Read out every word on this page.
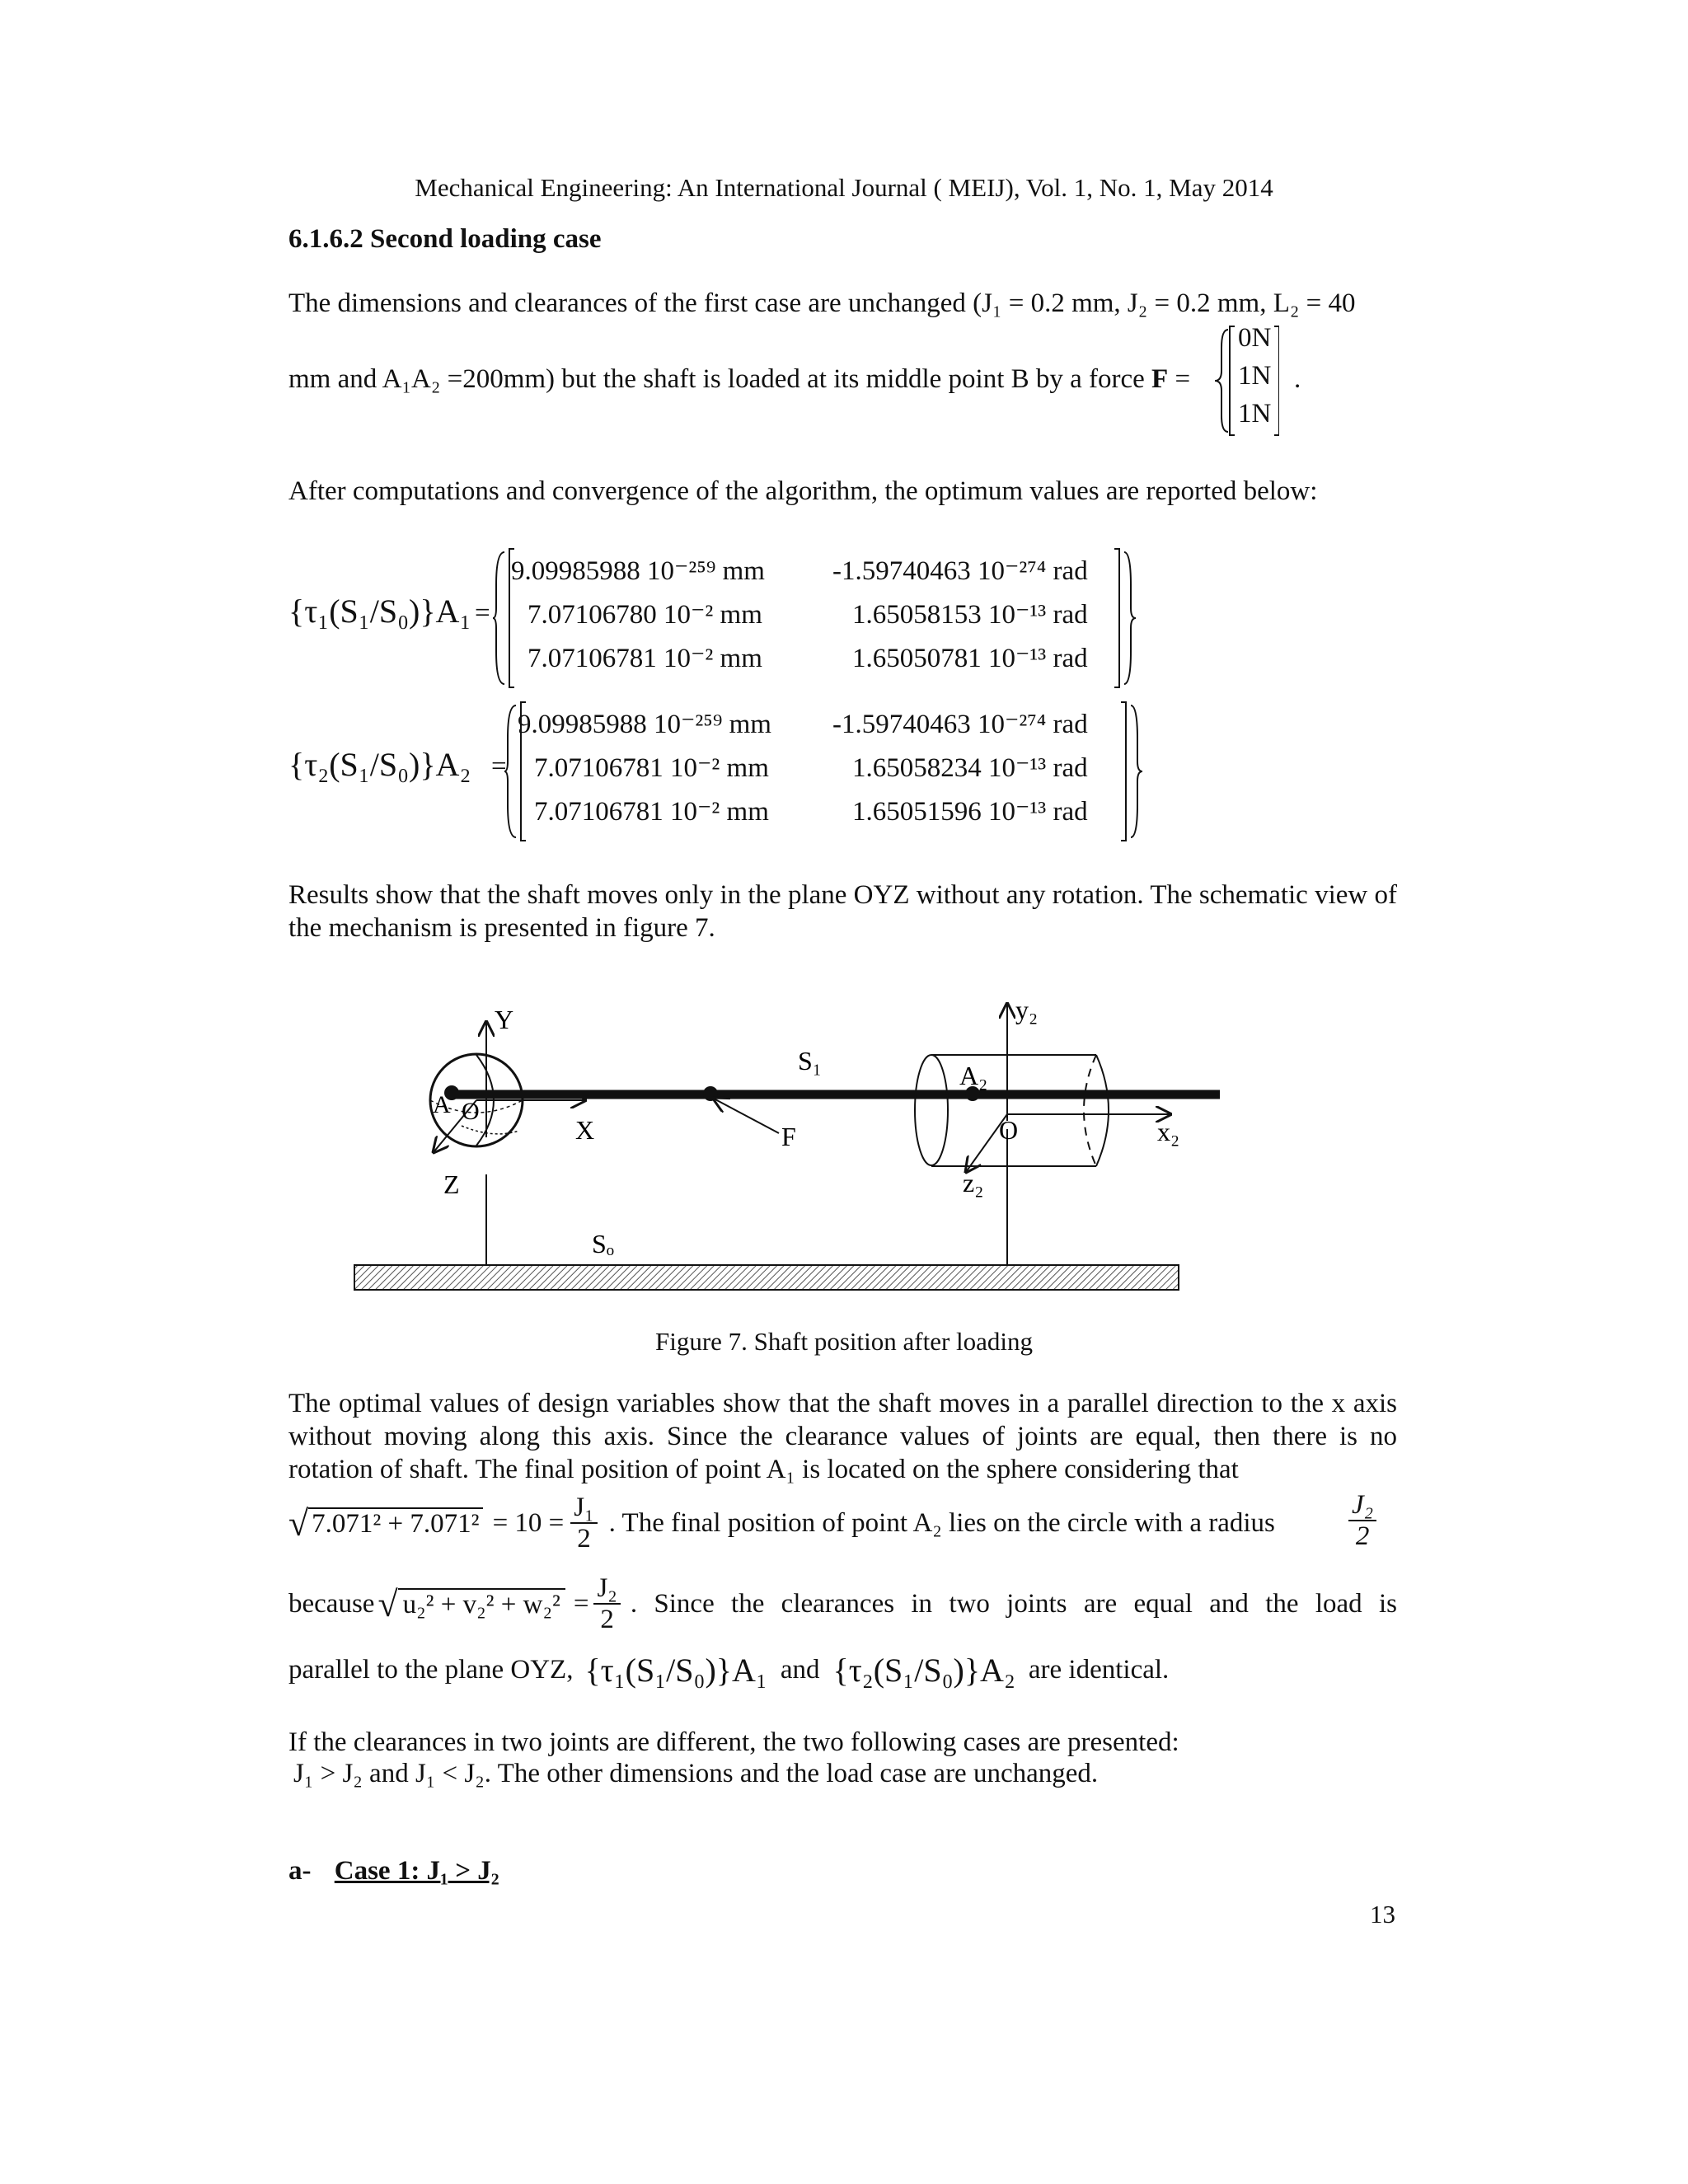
Mechanical Engineering: An International Journal ( MEIJ), Vol. 1, No. 1, May 2014
6.1.6.2 Second loading case
The dimensions and clearances of the first case are unchanged (J₁ = 0.2 mm, J₂ = 0.2 mm, L₂ = 40
mm and A₁A₂ =200mm) but the shaft is loaded at its middle point B by a force F =
0N
1N
1N
.
After computations and convergence of the algorithm, the optimum values are reported below:
{τ₁(S₁/S₀)}A₁ =
9.09985988 10⁻²⁵⁹ mm -1.59740463 10⁻²⁷⁴ rad
7.07106780 10⁻² mm	1.65058153 10⁻¹³ rad
7.07106781 10⁻² mm	1.65050781 10⁻¹³ rad
{τ₂(S₁/S₀)}A₂ =
9.09985988 10⁻²⁵⁹ mm -1.59740463 10⁻²⁷⁴ rad
7.07106781 10⁻² mm	1.65058234 10⁻¹³ rad
7.07106781 10⁻² mm	1.65051596 10⁻¹³ rad
Results show that the shaft moves only in the plane OYZ without any rotation. The schematic view of the mechanism is presented in figure 7.
Y
X
Z
A O
S₁
F
A₂
O	x₂
y₂
z₂
Sₒ
Figure 7. Shaft position after loading
The optimal values of design variables show that the shaft moves in a parallel direction to the x axis without moving along this axis. Since the clearance values of joints are equal, then there is no rotation of shaft. The final position of point A₁ is located on the sphere considering that
√ $7.071^2 + 7.071^2 = 10 = \frac{\text{J₁}}{2}$ . The final position of point A₂ lies on the circle with a radius	$\frac{\text{J₂}}{2}$
because √ $u_2^2 + v_2^2 + w_2^2 = \frac{\text{J₂}}{2}$ . Since the clearances in two joints are equal and the load is
parallel to the plane OYZ, {τ₁(S₁/S₀)}A₁ and {τ₂(S₁/S₀)}A₂ are identical.
If the clearances in two joints are different, the two following cases are presented:
J₁ > J₂ and J₁ < J₂. The other dimensions and the load case are unchanged.
a- Case 1: J₁ > J₂
13
